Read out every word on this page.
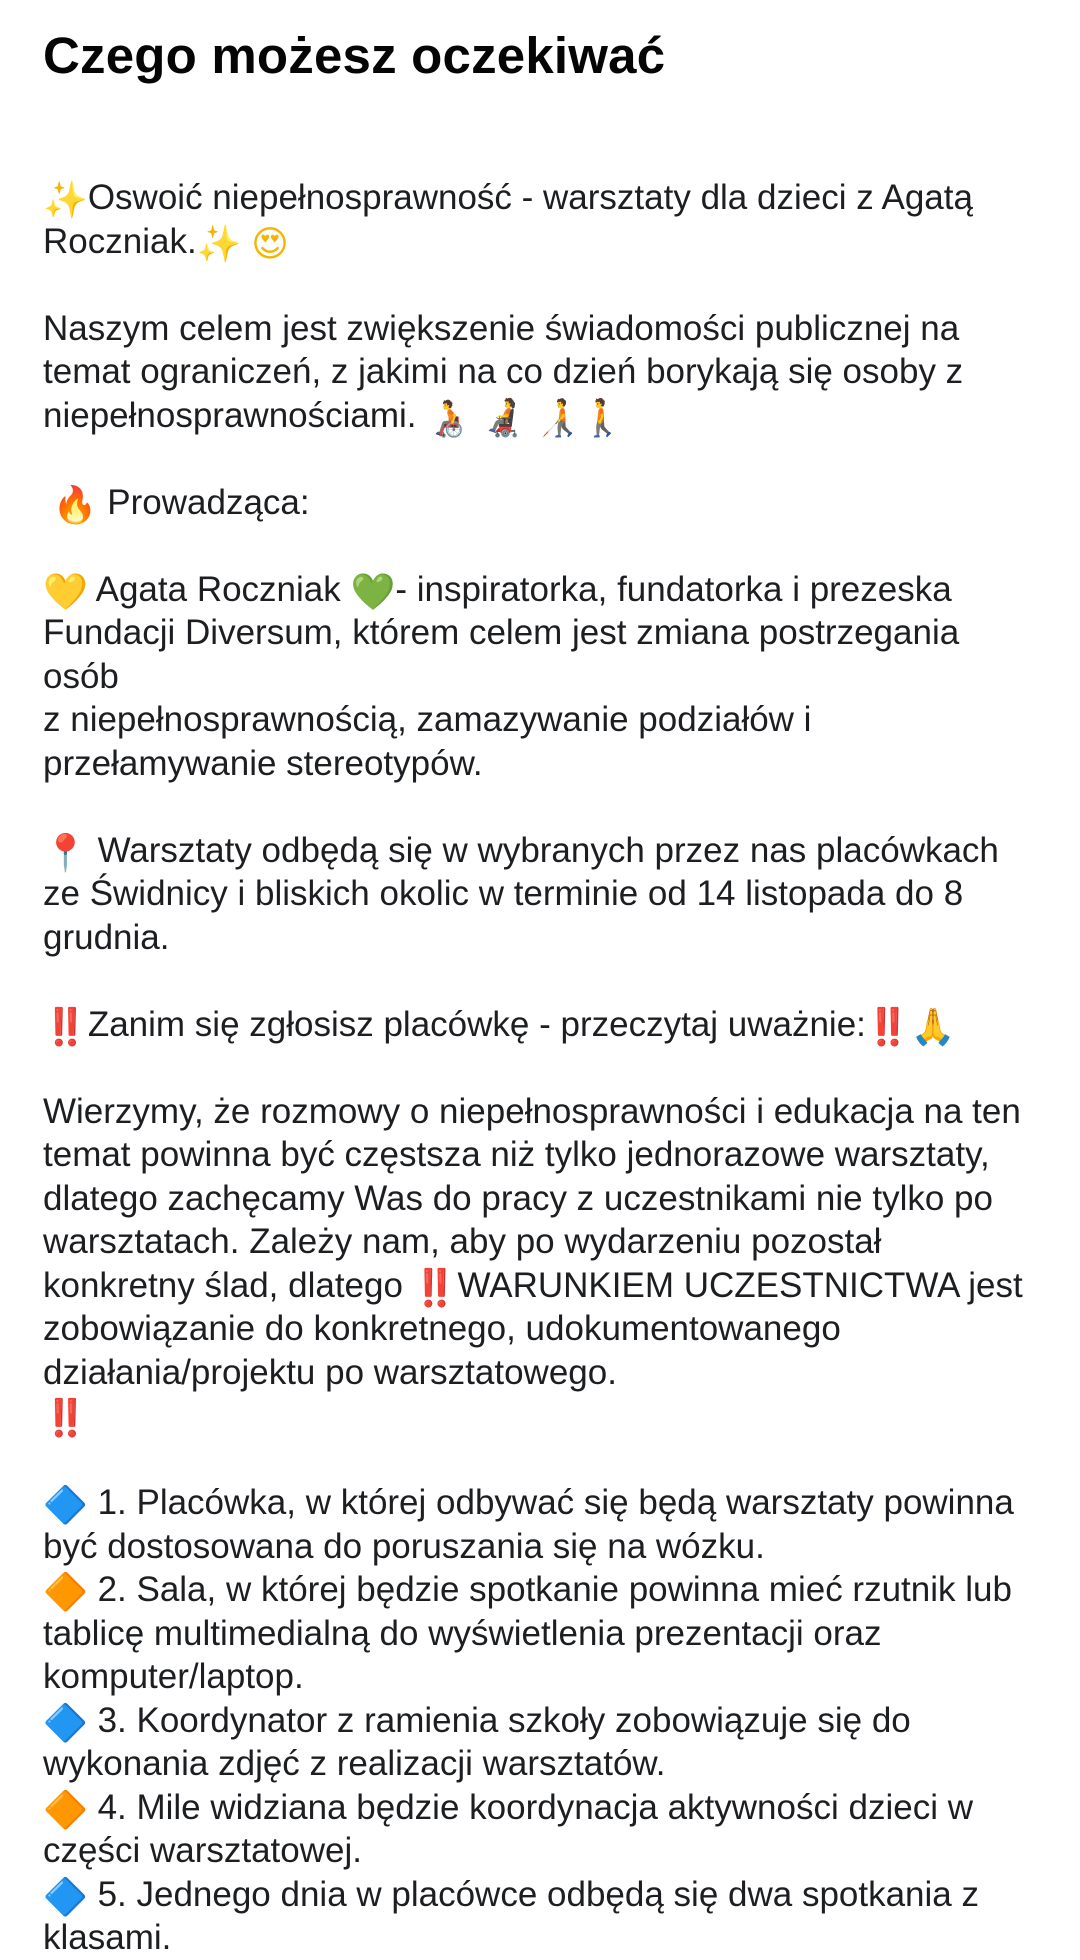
Czego możesz oczekiwać

✨Oswoić niepełnosprawność - warsztaty dla dzieci z Agatą
Roczniak.✨ 😍

Naszym celem jest zwiększenie świadomości publicznej na temat ograniczeń, z jakimi na co dzień borykają się osoby z niepełnosprawnościami. 🧑‍🦽 🧑‍🦼 🧑‍🦯🚶

🔥 Prowadząca:

💛 Agata Roczniak 💚- inspiratorka, fundatorka i prezeska Fundacji Diversum, którem celem jest zmiana postrzegania osób
z niepełnosprawnością, zamazywanie podziałów i przełamywanie stereotypów.

📍 Warsztaty odbędą się w wybranych przez nas placówkach ze Świdnicy i bliskich okolic w terminie od 14 listopada do 8 grudnia.

‼️Zanim się zgłosisz placówkę - przeczytaj uważnie:‼️🙏

Wierzymy, że rozmowy o niepełnosprawności i edukacja na ten temat powinna być częstsza niż tylko jednorazowe warsztaty, dlatego zachęcamy Was do pracy z uczestnikami nie tylko po warsztatach. Zależy nam, aby po wydarzeniu pozostał konkretny ślad, dlatego ‼️WARUNKIEM UCZESTNICTWA jest zobowiązanie do konkretnego, udokumentowanego działania/projektu po warsztatowego.
‼️

🔷 1. Placówka, w której odbywać się będą warsztaty powinna być dostosowana do poruszania się na wózku.
🔶 2. Sala, w której będzie spotkanie powinna mieć rzutnik lub tablicę multimedialną do wyświetlenia prezentacji oraz komputer/laptop.
🔷 3. Koordynator z ramienia szkoły zobowiązuje się do wykonania zdjęć z realizacji warsztatów.
🔶 4. Mile widziana będzie koordynacja aktywności dzieci w części warsztatowej.
🔷 5. Jednego dnia w placówce odbędą się dwa spotkania z klasami.
